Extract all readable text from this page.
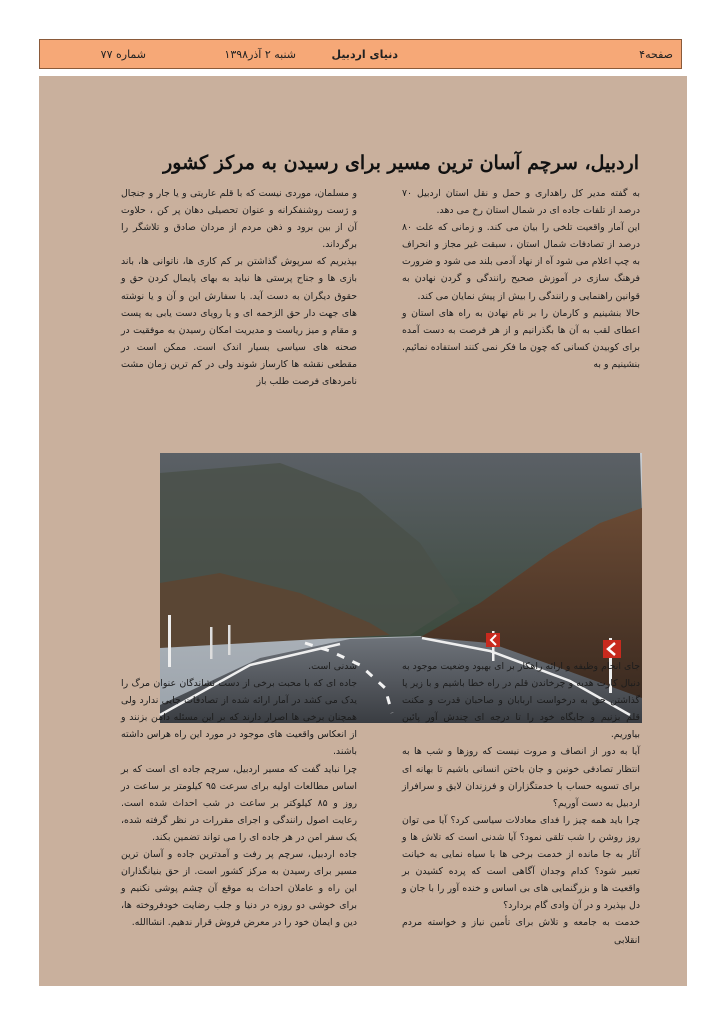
صفحه۴
دنیای اردبیل
شنبه ۲ آذر۱۳۹۸
شماره ۷۷
اردبیل، سرچم آسان ترین مسیر برای رسیدن به مرکز کشور

به گفته مدیر کل راهداری و حمل و نقل استان اردبیل ۷۰ درصد از تلفات جاده ای در شمال استان رخ می دهد.

این آمار واقعیت تلخی را بیان می کند. و زمانی که علت ۸۰ درصد از تصادفات شمال استان ، سبقت غیر مجاز و انحراف به چپ اعلام می شود آه از نهاد آدمی بلند می شود و ضرورت فرهنگ سازی در آموزش صحیح رانندگی و گردن نهادن به قوانین راهنمایی و رانندگی را بیش از پیش نمایان می کند.

حالا بنشینیم و کارمان را بر نام نهادن به راه های استان و اعطای لقب به آن ها بگذرانیم و از هر فرصت به دست آمده برای کوبیدن کسانی که چون ما فکر نمی کنند استفاده نمائیم. بنشینیم و به

و مسلمان، موردی نیست که با قلم عاریتی و یا جار و جنجال و ژست روشنفکرانه و عنوان تحصیلی دهان پر کن ، حلاوت آن از بین برود و ذهن مردم از مردان صادق و تلاشگر را برگرداند.

بپذیریم که سرپوش گذاشتن بر کم کاری ها، ناتوانی ها، باند بازی ها و جناح پرستی ها نباید به بهای پایمال کردن حق و حقوق دیگران به دست آید. با سفارش این و آن و یا نوشته های جهت دار حق الزحمه ای و یا رویای دست یابی به پست و مقام و میز ریاست و مدیریت امکان رسیدن به موفقیت در صحنه های سیاسی بسیار اندک است. ممکن است در مقطعی نقشه ها کارساز شوند ولی در کم ترین زمان مشت نامردهای فرصت طلب باز

جای انجام وظیفه و ارائه راهکار بر ای بهبود وضعیت موجود به دنبال کارت هدیه و چرخاندن قلم در راه خطا باشیم و با زیر پا گذاشتن حق به درخواست اربابان و صاحبان قدرت و مکنت قلم بزنیم و جایگاه خود را تا درجه ای چندش آور پائین بیاوریم.

آیا به دور از انصاف و مروت نیست که روزها و شب ها به انتظار تصادفی خونین و جان باختن انسانی باشیم تا بهانه ای برای تسویه حساب با خدمتگزاران و فرزندان لایق و سرافراز اردبیل به دست آوریم؟

چرا باید همه چیز را فدای معادلات سیاسی کرد؟ آیا می توان روز روشن را شب تلقی نمود؟ آیا شدنی است که تلاش ها و آثار به جا مانده از خدمت برخی ها با سیاه نمایی به خیانت تعبیر شود؟ کدام وجدان آگاهی است که پرده کشیدن بر واقعیت ها و بزرگنمایی های بی اساس و خنده آور را با جان و دل بپذیرد و در آن وادی گام بردارد؟

خدمت به جامعه و تلاش برای تأمین نیاز و خواسته مردم انقلابی

شدنی است.

جاده ای که با محبت برخی از دست نشاندگان عنوان مرگ را یدک می کشد در آمار ارائه شده از تصادفات جایی ندارد ولی همچنان برخی ها اصرار دارند که بر این مسئله دامن بزنند و از انعکاس واقعیت های موجود در مورد این راه هراس داشته باشند.

چرا نباید گفت که مسیر اردبیل، سرچم جاده ای است که بر اساس مطالعات اولیه برای سرعت ۹۵ کیلومتر بر ساعت در روز و ۸۵ کیلوکتر بر ساعت در شب احداث شده است. رعایت اصول رانندگی و اجرای مقررات در نظر گرفته شده، یک سفر امن در هر جاده ای را می تواند تضمین بکند.

جاده اردبیل، سرچم پر رفت و آمدترین جاده و آسان ترین مسیر برای رسیدن به مرکز کشور است. از حق بنیانگذاران این راه و عاملان احداث به موقع آن چشم پوشی نکنیم و برای خوشی دو روزه در دنیا و جلب رضایت خودفروخته ها، دین و ایمان خود را در معرض فروش قرار ندهیم. انشاالله.
